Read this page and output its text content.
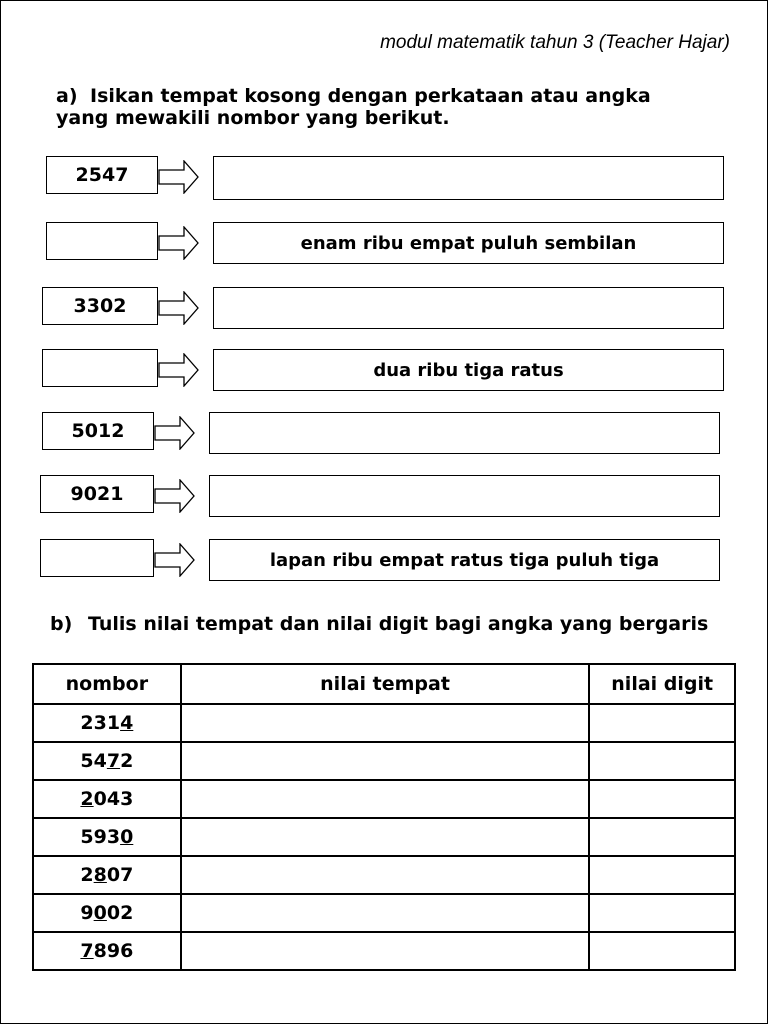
modul matematik tahun 3 (Teacher Hajar)
a) Isikan tempat kosong dengan perkataan atau angka yang mewakili nombor yang berikut.
2547
enam ribu empat puluh sembilan
3302
dua ribu tiga ratus
5012
9021
lapan ribu empat ratus tiga puluh tiga
b) Tulis nilai tempat dan nilai digit bagi angka yang bergaris
nombor	nilai tempat	nilai digit
2314		
5472		
2043		
5930		
2807		
9002		
7896		
